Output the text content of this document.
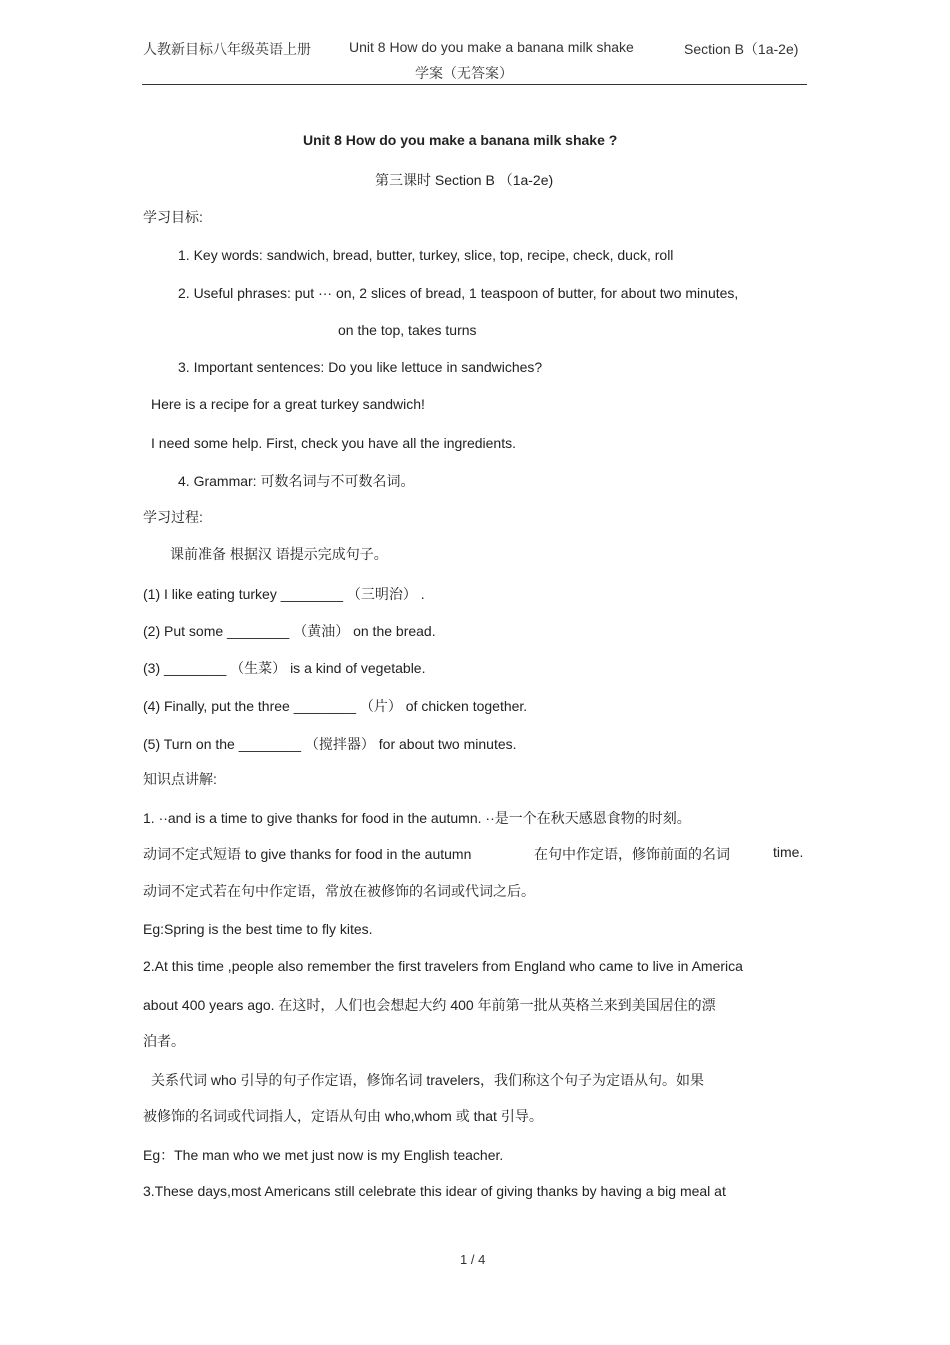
人教新目标八年级英语上册	Unit 8 How do you make a banana milk shake	Section B（1a-2e)
学案（无答案）
Unit 8 How do you make a banana milk shake ?
第三课时 Section B （1a-2e)
学习目标:
1. Key words: sandwich, bread, butter, turkey, slice, top, recipe, check, duck, roll
2. Useful phrases: put ··· on, 2 slices of bread, 1 teaspoon of butter, for about two minutes,
on the top, takes turns
3. Important sentences: Do you like lettuce in sandwiches?
Here is a recipe for a great turkey sandwich!
I need some help. First, check you have all the ingredients.
4. Grammar: 可数名词与不可数名词。
学习过程:
课前准备 根据汉 语提示完成句子。
(1) I like eating turkey ________ （三明治） .
(2) Put some ________ （黄油） on the bread.
(3) ________ （生菜） is a kind of vegetable.
(4) Finally, put the three ________ （片） of chicken together.
(5) Turn on the ________ （搅拌器） for about two minutes.
知识点讲解:
1. ··and is a time to give thanks for food in the autumn. ··是一个在秋天感恩食物的时刻。
动词不定式短语 to give thanks for food in the autumn	在句中作定语，修饰前面的名词	time.
动词不定式若在句中作定语，常放在被修饰的名词或代词之后。
Eg:Spring is the best time to fly kites.
2.At this time ,people also remember the first travelers from England who came to live in America
about 400 years ago. 在这时，人们也会想起大约 400 年前第一批从英格兰来到美国居住的漂
泊者。
关系代词 who 引导的句子作定语，修饰名词 travelers，我们称这个句子为定语从句。如果
被修饰的名词或代词指人，定语从句由 who,whom 或 that 引导。
Eg：The man who we met just now is my English teacher.
3.These days,most Americans still celebrate this idear of giving thanks by having a big meal at
1 / 4
